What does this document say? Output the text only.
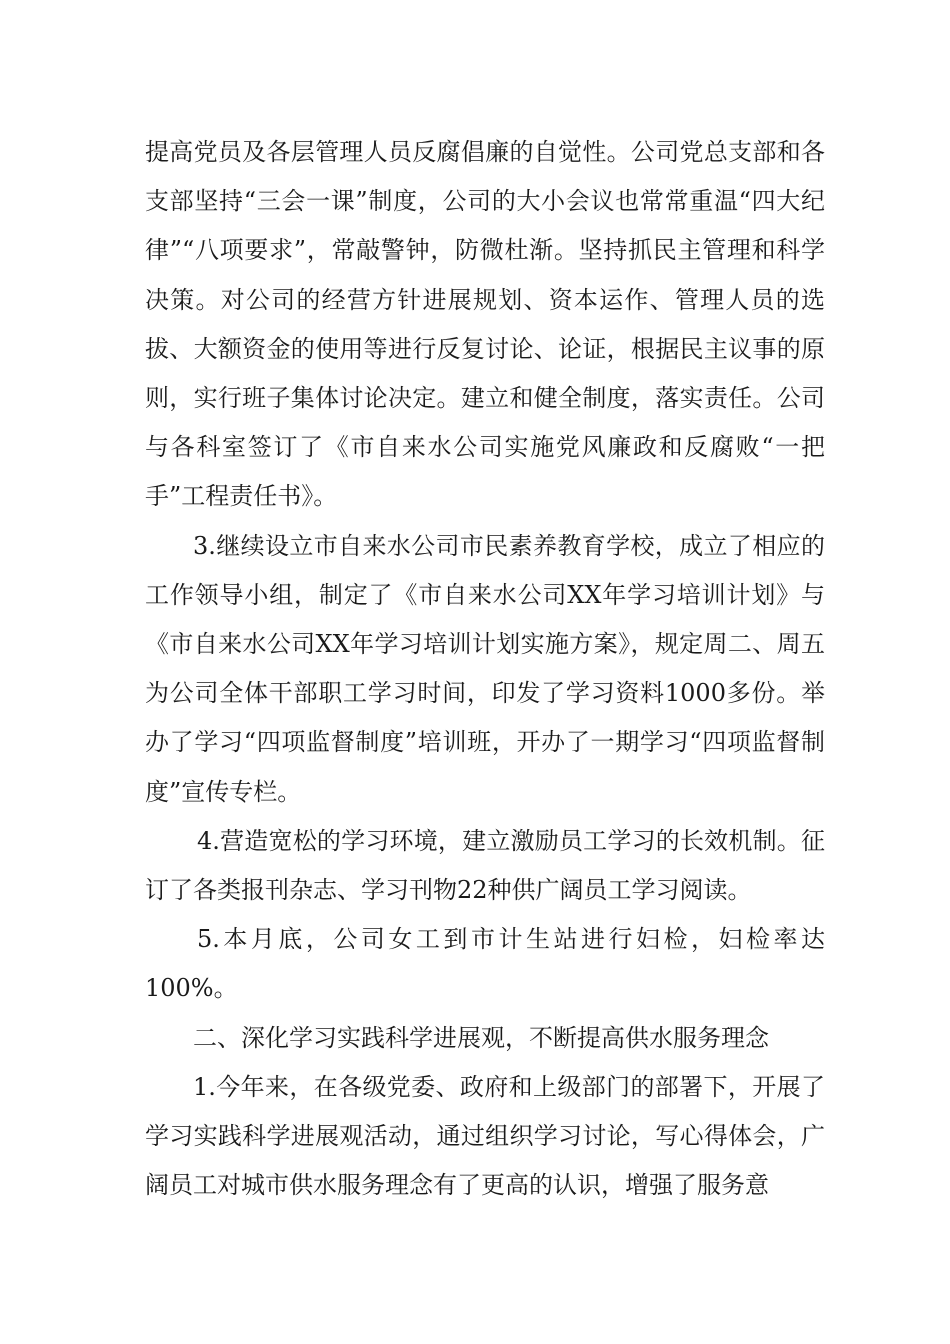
提高党员及各层管理人员反腐倡廉的自觉性。公司党总支部和各支部坚持“三会一课”制度，公司的大小会议也常常重温“四大纪律”“八项要求”，常敲警钟，防微杜渐。坚持抓民主管理和科学决策。对公司的经营方针进展规划、资本运作、管理人员的选拔、大额资金的使用等进行反复讨论、论证，根据民主议事的原则，实行班子集体讨论决定。建立和健全制度，落实责任。公司与各科室签订了《市自来水公司实施党风廉政和反腐败“一把手”工程责任书》。

3.继续设立市自来水公司市民素养教育学校，成立了相应的工作领导小组，制定了《市自来水公司XX年学习培训计划》与《市自来水公司XX年学习培训计划实施方案》，规定周二、周五为公司全体干部职工学习时间，印发了学习资料1000多份。举办了学习“四项监督制度”培训班，开办了一期学习“四项监督制度”宣传专栏。

4.营造宽松的学习环境，建立激励员工学习的长效机制。征订了各类报刊杂志、学习刊物22种供广阔员工学习阅读。

5.本月底，公司女工到市计生站进行妇检，妇检率达100%。

二、深化学习实践科学进展观，不断提高供水服务理念

1.今年来，在各级党委、政府和上级部门的部署下，开展了学习实践科学进展观活动，通过组织学习讨论，写心得体会，广阔员工对城市供水服务理念有了更高的认识，增强了服务意
